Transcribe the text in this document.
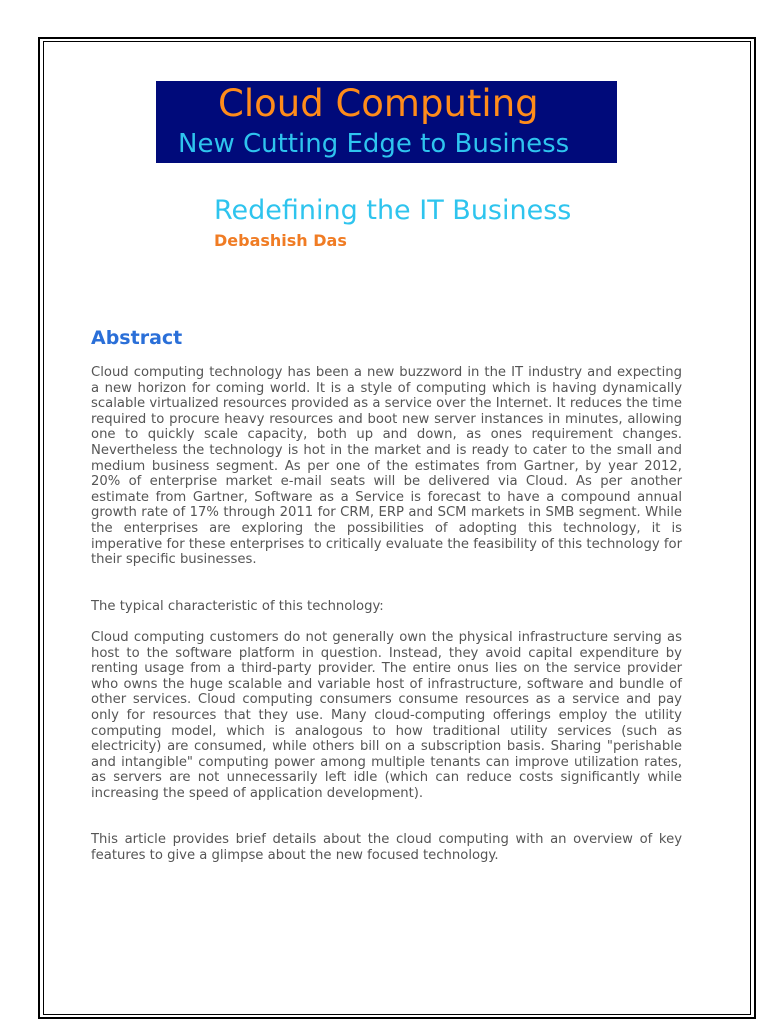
Cloud Computing
New Cutting Edge to Business
Redefining the IT Business
Debashish Das
Abstract

Cloud computing technology has been a new buzzword in the IT industry and expecting a new horizon for coming world. It is a style of computing which is having dynamically scalable virtualized resources provided as a service over the Internet. It reduces the time required to procure heavy resources and boot new server instances in minutes, allowing one to quickly scale capacity, both up and down, as ones requirement changes. Nevertheless the technology is hot in the market and is ready to cater to the small and medium business segment. As per one of the estimates from Gartner, by year 2012, 20% of enterprise market e-mail seats will be delivered via Cloud. As per another estimate from Gartner, Software as a Service is forecast to have a compound annual growth rate of 17% through 2011 for CRM, ERP and SCM markets in SMB segment. While the enterprises are exploring the possibilities of adopting this technology, it is imperative for these enterprises to critically evaluate the feasibility of this technology for their specific businesses.

The typical characteristic of this technology:

Cloud computing customers do not generally own the physical infrastructure serving as host to the software platform in question. Instead, they avoid capital expenditure by renting usage from a third-party provider. The entire onus lies on the service provider who owns the huge scalable and variable host of infrastructure, software and bundle of other services. Cloud computing consumers consume resources as a service and pay only for resources that they use. Many cloud-computing offerings employ the utility computing model, which is analogous to how traditional utility services (such as electricity) are consumed, while others bill on a subscription basis. Sharing "perishable and intangible" computing power among multiple tenants can improve utilization rates, as servers are not unnecessarily left idle (which can reduce costs significantly while increasing the speed of application development).

This article provides brief details about the cloud computing with an overview of key features to give a glimpse about the new focused technology.
